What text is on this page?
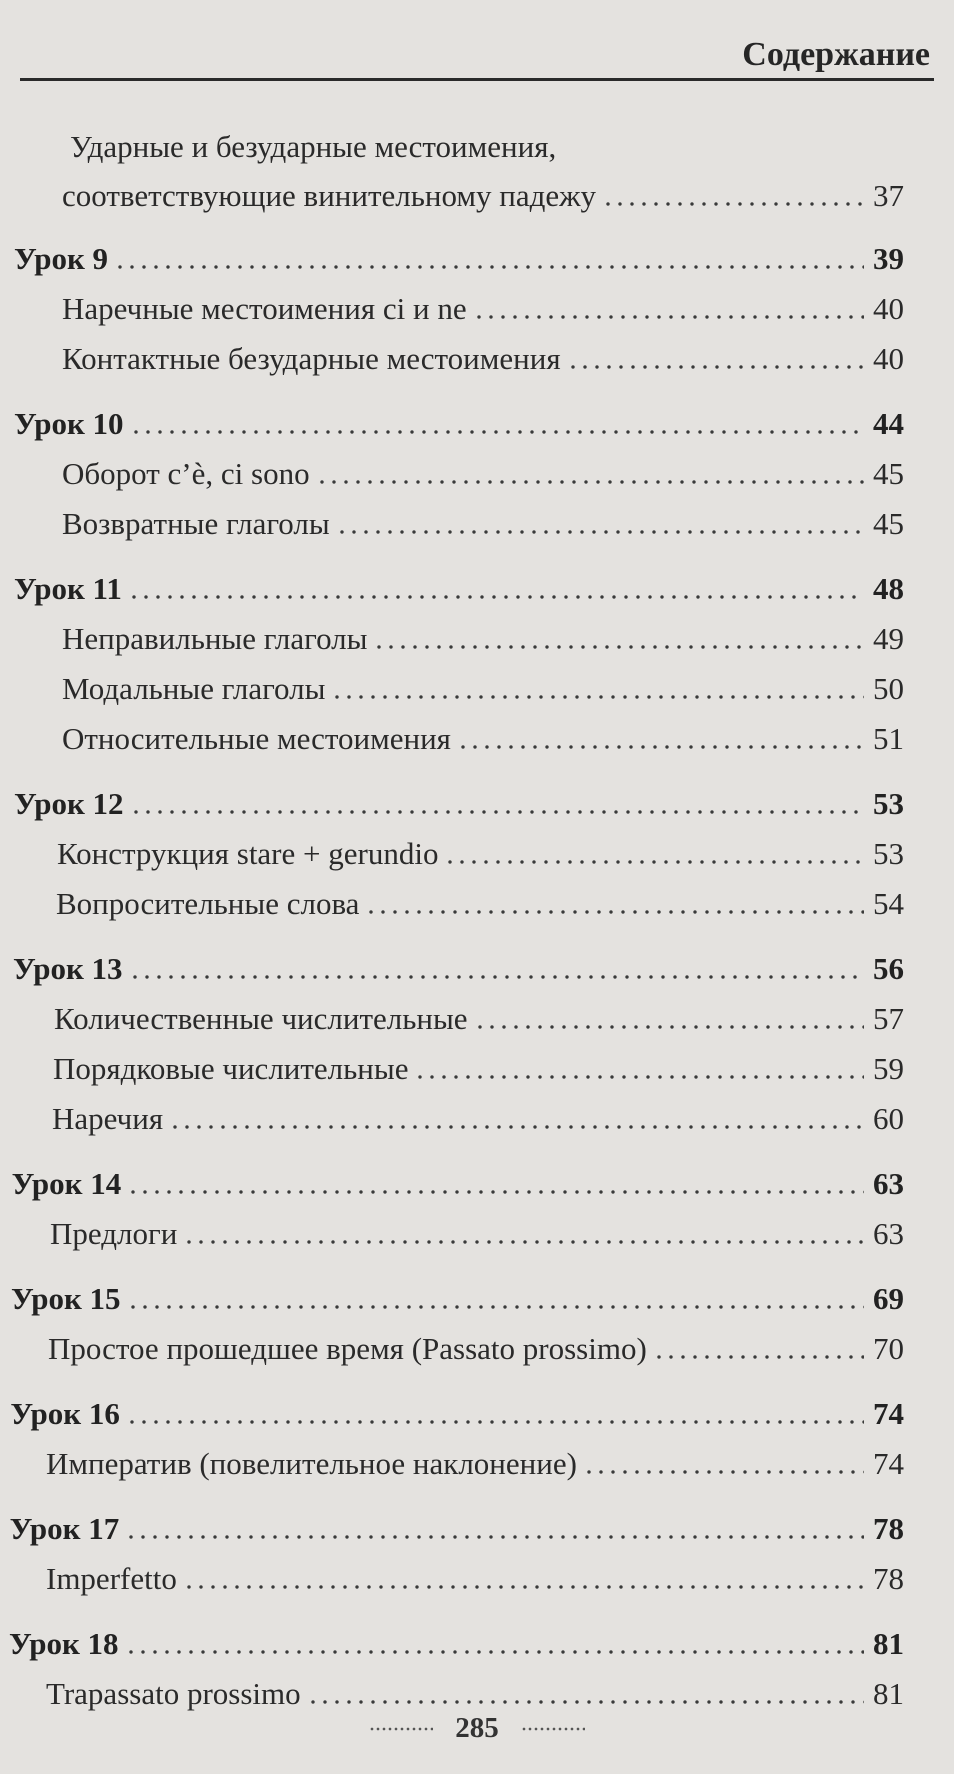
Содержание
Ударные и безударные местоимения,
соответствующие винительному падежу	37
Урок 9	39
Наречные местоимения ci и ne	40
Контактные безударные местоимения	40
Урок 10	44
Оборот c’è, ci sono	45
Возвратные глаголы	45
Урок 11	48
Неправильные глаголы	49
Модальные глаголы	50
Относительные местоимения	51
Урок 12	53
Конструкция stare + gerundio	53
Вопросительные слова	54
Урок 13	56
Количественные числительные	57
Порядковые числительные	59
Наречия	60
Урок 14	63
Предлоги	63
Урок 15	69
Простое прошедшее время (Passato prossimo)	70
Урок 16	74
Императив (повелительное наклонение)	74
Урок 17	78
Imperfetto	78
Урок 18	81
Trapassato prossimo	81
285
